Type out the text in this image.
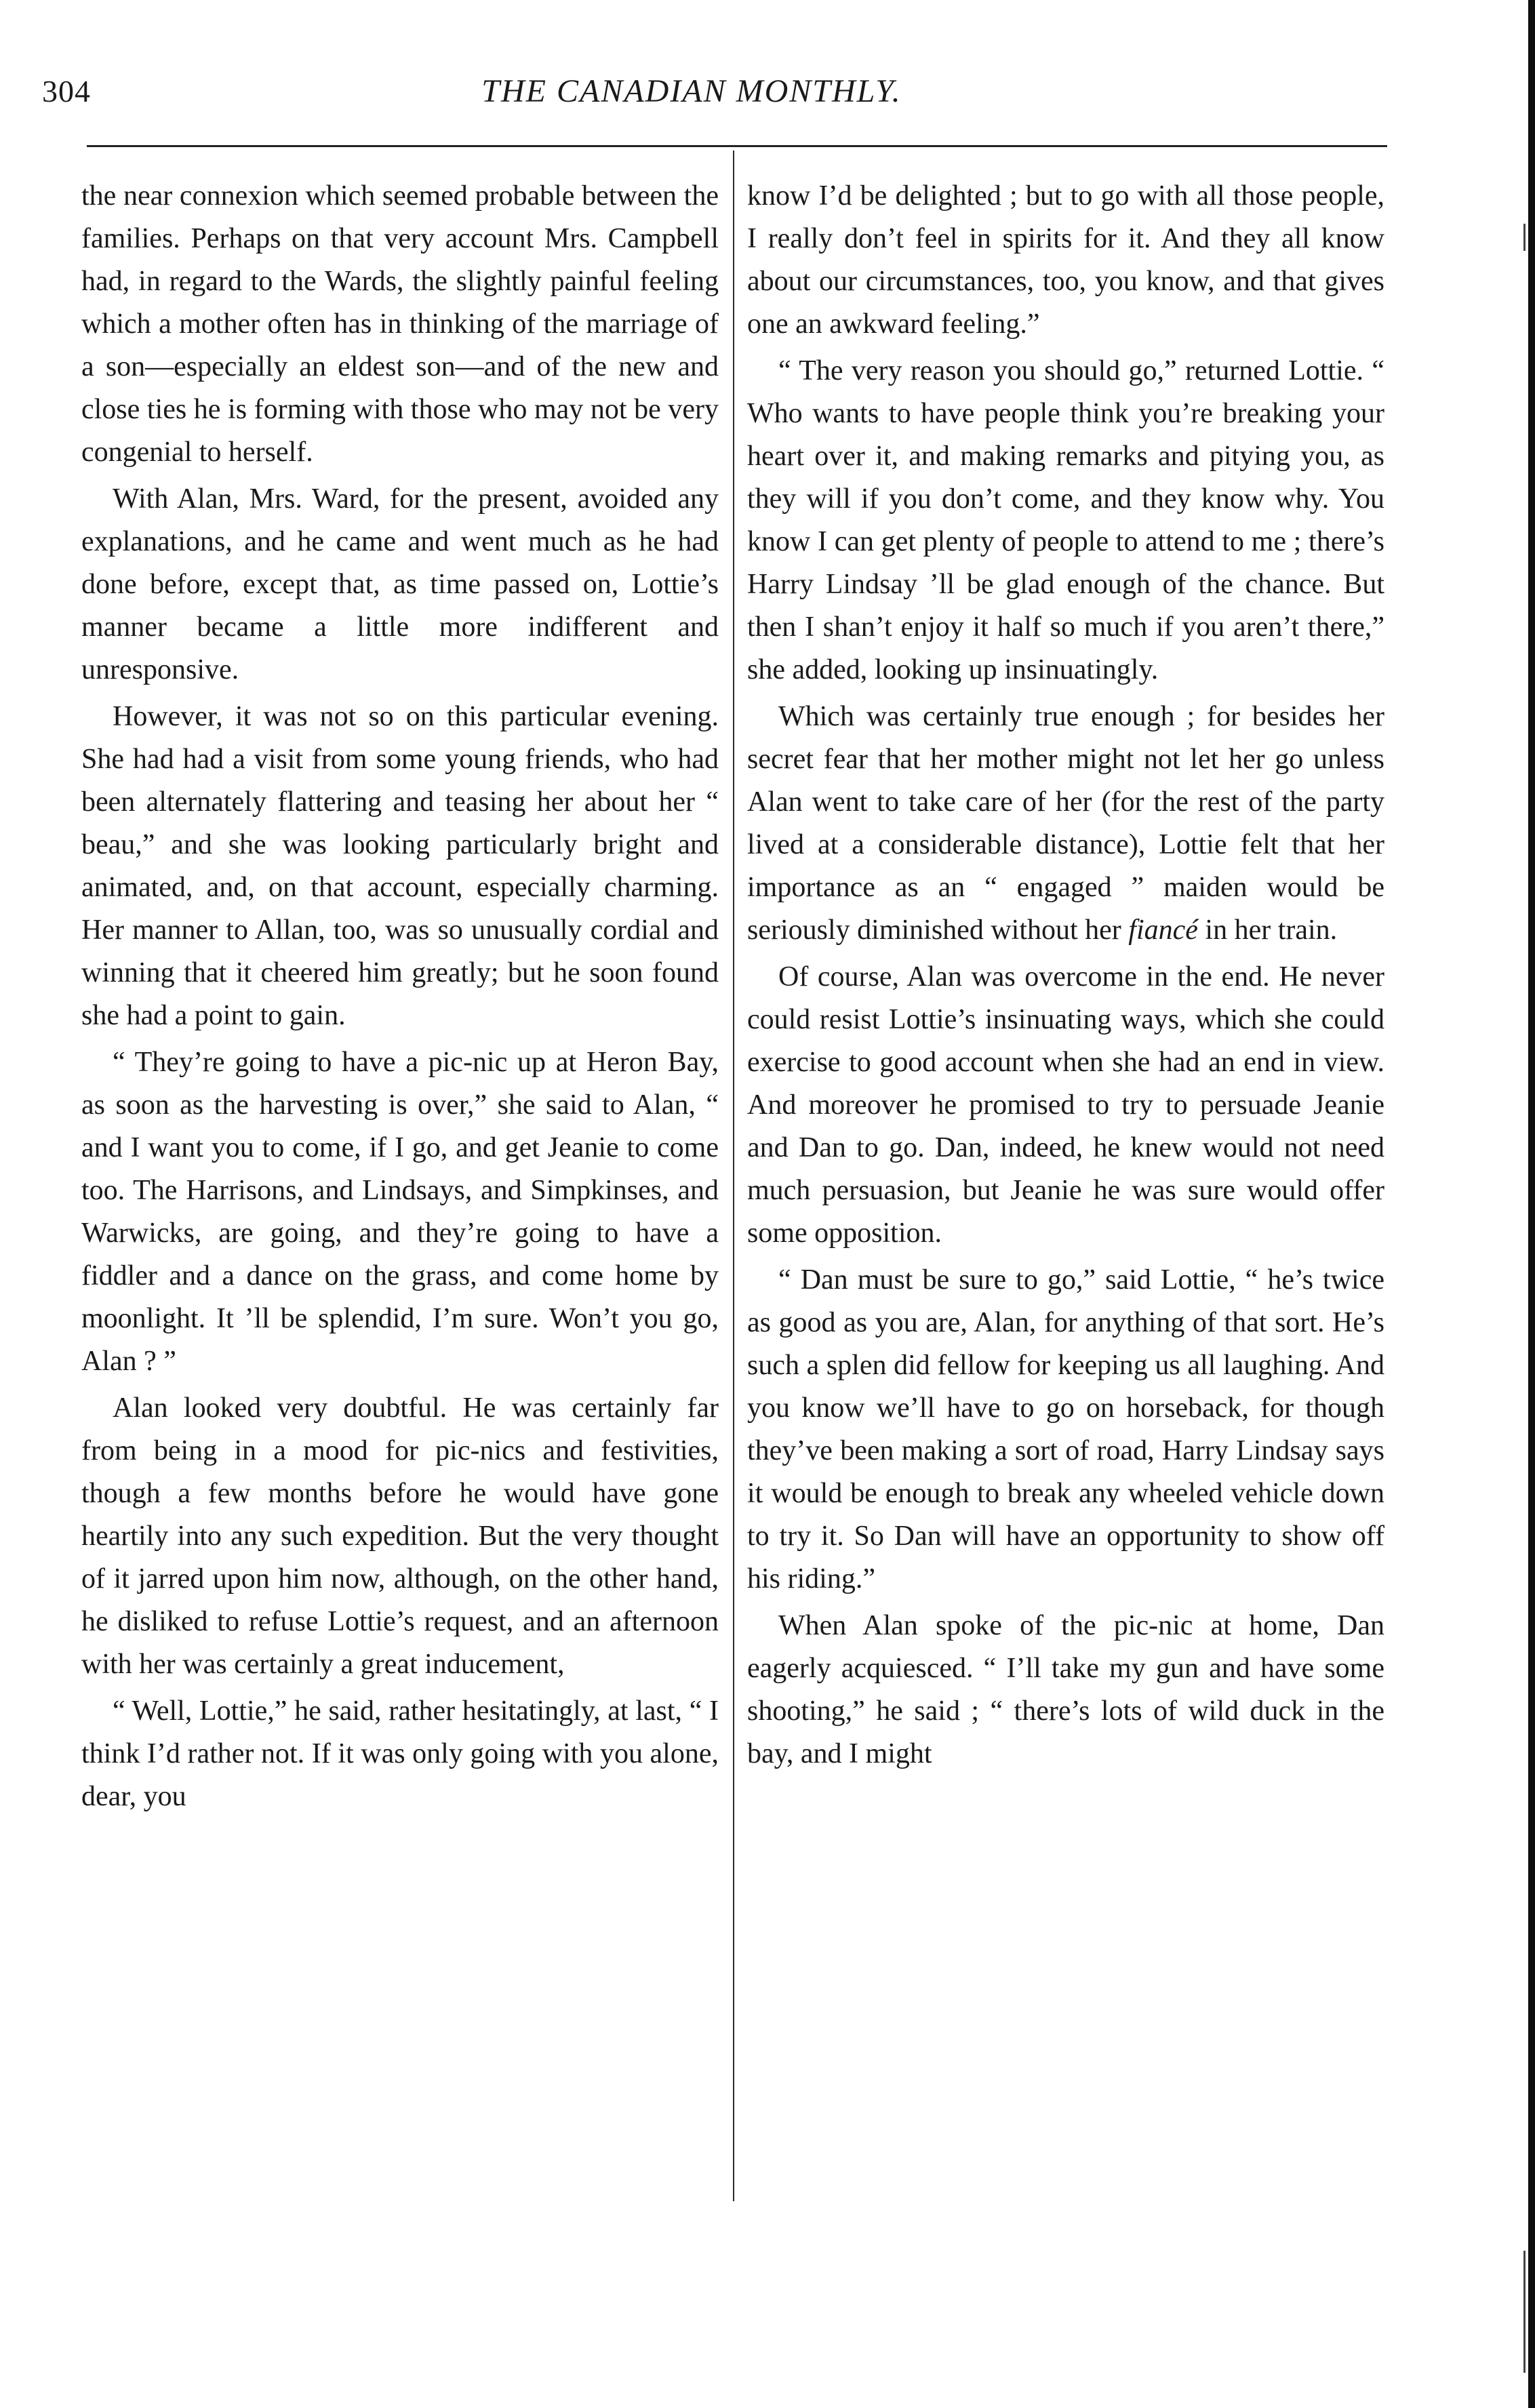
304	THE CANADIAN MONTHLY.

the near connexion which seemed probable between the families. Perhaps on that very account Mrs. Campbell had, in regard to the Wards, the slightly painful feeling which a mother often has in thinking of the marriage of a son—especially an eldest son—and of the new and close ties he is forming with those who may not be very congenial to herself.

With Alan, Mrs. Ward, for the present, avoided any explanations, and he came and went much as he had done before, except that, as time passed on, Lottie’s manner became a little more indifferent and unresponsive.

However, it was not so on this particular evening. She had had a visit from some young friends, who had been alternately flattering and teasing her about her “ beau,” and she was looking particularly bright and animated, and, on that account, especially charming. Her manner to Allan, too, was so unusually cordial and winning that it cheered him greatly; but he soon found she had a point to gain.

“ They’re going to have a pic-nic up at Heron Bay, as soon as the harvesting is over,” she said to Alan, “ and I want you to come, if I go, and get Jeanie to come too. The Harrisons, and Lindsays, and Simpkinses, and Warwicks, are going, and they’re going to have a fiddler and a dance on the grass, and come home by moonlight. It ’ll be splendid, I’m sure. Won’t you go, Alan ? ”

Alan looked very doubtful. He was certainly far from being in a mood for pic-nics and festivities, though a few months before he would have gone heartily into any such expedition. But the very thought of it jarred upon him now, although, on the other hand, he disliked to refuse Lottie’s request, and an afternoon with her was certainly a great inducement,

“ Well, Lottie,” he said, rather hesitatingly, at last, “ I think I’d rather not. If it was only going with you alone, dear, you

know I’d be delighted ; but to go with all those people, I really don’t feel in spirits for it. And they all know about our circumstances, too, you know, and that gives one an awkward feeling.”

“ The very reason you should go,” returned Lottie. “ Who wants to have people think you’re breaking your heart over it, and making remarks and pitying you, as they will if you don’t come, and they know why. You know I can get plenty of people to attend to me ; there’s Harry Lindsay ’ll be glad enough of the chance. But then I shan’t enjoy it half so much if you aren’t there,” she added, looking up insinuatingly.

Which was certainly true enough ; for besides her secret fear that her mother might not let her go unless Alan went to take care of her (for the rest of the party lived at a considerable distance), Lottie felt that her importance as an “ engaged ” maiden would be seriously diminished without her fiancé in her train.

Of course, Alan was overcome in the end. He never could resist Lottie’s insinuating ways, which she could exercise to good account when she had an end in view. And moreover he promised to try to persuade Jeanie and Dan to go. Dan, indeed, he knew would not need much persuasion, but Jeanie he was sure would offer some opposition.

“ Dan must be sure to go,” said Lottie, “ he’s twice as good as you are, Alan, for anything of that sort. He’s such a splen did fellow for keeping us all laughing. And you know we’ll have to go on horseback, for though they’ve been making a sort of road, Harry Lindsay says it would be enough to break any wheeled vehicle down to try it. So Dan will have an opportunity to show off his riding.”

When Alan spoke of the pic-nic at home, Dan eagerly acquiesced. “ I’ll take my gun and have some shooting,” he said ; “ there’s lots of wild duck in the bay, and I might
